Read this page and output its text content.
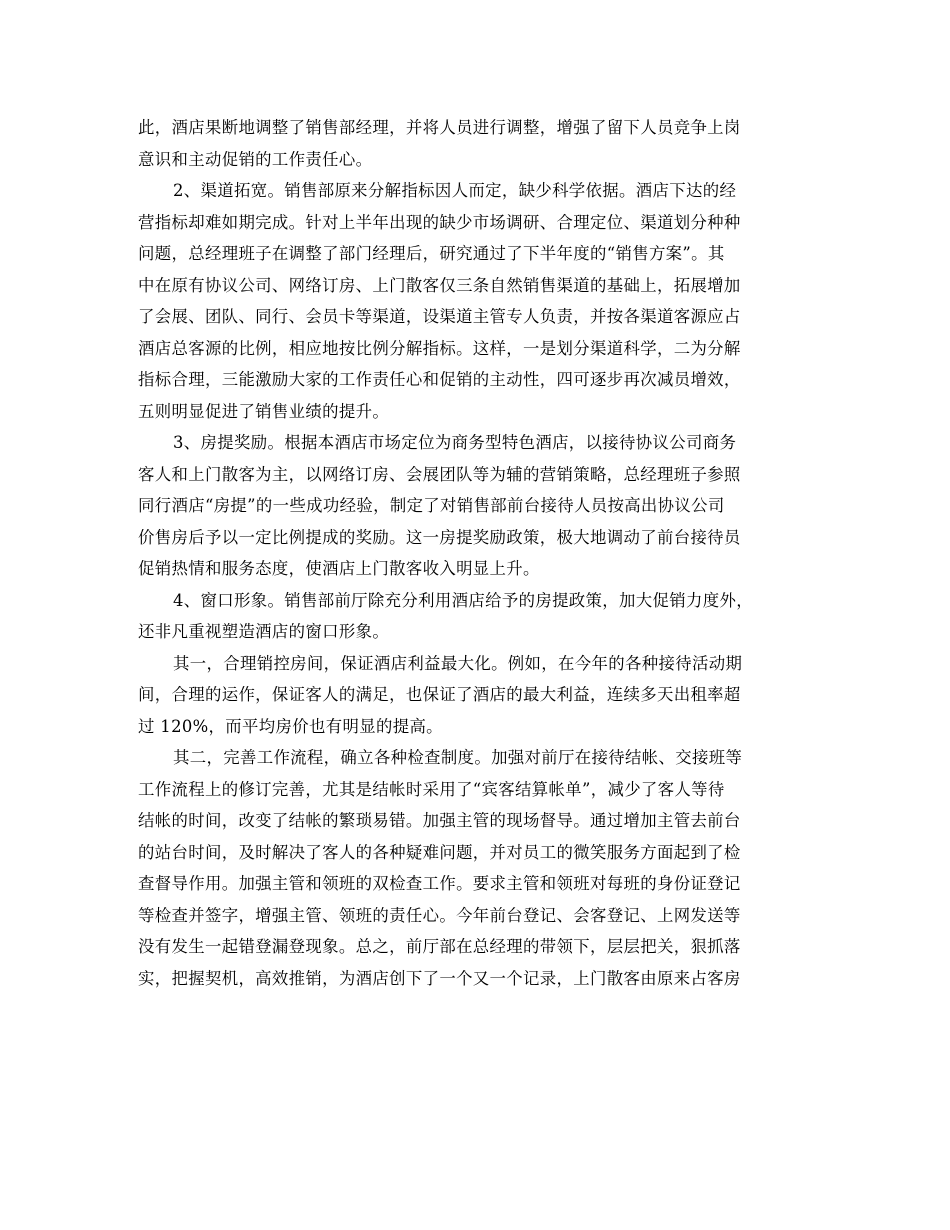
此，酒店果断地调整了销售部经理，并将人员进行调整，增强了留下人员竞争上岗
意识和主动促销的工作责任心。
2、渠道拓宽。销售部原来分解指标因人而定，缺少科学依据。酒店下达的经
营指标却难如期完成。针对上半年出现的缺少市场调研、合理定位、渠道划分种种
问题，总经理班子在调整了部门经理后，研究通过了下半年度的“销售方案”。其
中在原有协议公司、网络订房、上门散客仅三条自然销售渠道的基础上，拓展增加
了会展、团队、同行、会员卡等渠道，设渠道主管专人负责，并按各渠道客源应占
酒店总客源的比例，相应地按比例分解指标。这样，一是划分渠道科学，二为分解
指标合理，三能激励大家的工作责任心和促销的主动性，四可逐步再次减员增效，
五则明显促进了销售业绩的提升。
3、房提奖励。根据本酒店市场定位为商务型特色酒店，以接待协议公司商务
客人和上门散客为主，以网络订房、会展团队等为辅的营销策略，总经理班子参照
同行酒店“房提”的一些成功经验，制定了对销售部前台接待人员按高出协议公司
价售房后予以一定比例提成的奖励。这一房提奖励政策，极大地调动了前台接待员
促销热情和服务态度，使酒店上门散客收入明显上升。
4、窗口形象。销售部前厅除充分利用酒店给予的房提政策，加大促销力度外，
还非凡重视塑造酒店的窗口形象。
其一，合理销控房间，保证酒店利益最大化。例如，在今年的各种接待活动期
间，合理的运作，保证客人的满足，也保证了酒店的最大利益，连续多天出租率超
过 120%，而平均房价也有明显的提高。
其二，完善工作流程，确立各种检查制度。加强对前厅在接待结帐、交接班等
工作流程上的修订完善，尤其是结帐时采用了“宾客结算帐单”，减少了客人等待
结帐的时间，改变了结帐的繁琐易错。加强主管的现场督导。通过增加主管去前台
的站台时间，及时解决了客人的各种疑难问题，并对员工的微笑服务方面起到了检
查督导作用。加强主管和领班的双检查工作。要求主管和领班对每班的身份证登记
等检查并签字，增强主管、领班的责任心。今年前台登记、会客登记、上网发送等
没有发生一起错登漏登现象。总之，前厅部在总经理的带领下，层层把关，狠抓落
实，把握契机，高效推销，为酒店创下了一个又一个记录，上门散客由原来占客房
